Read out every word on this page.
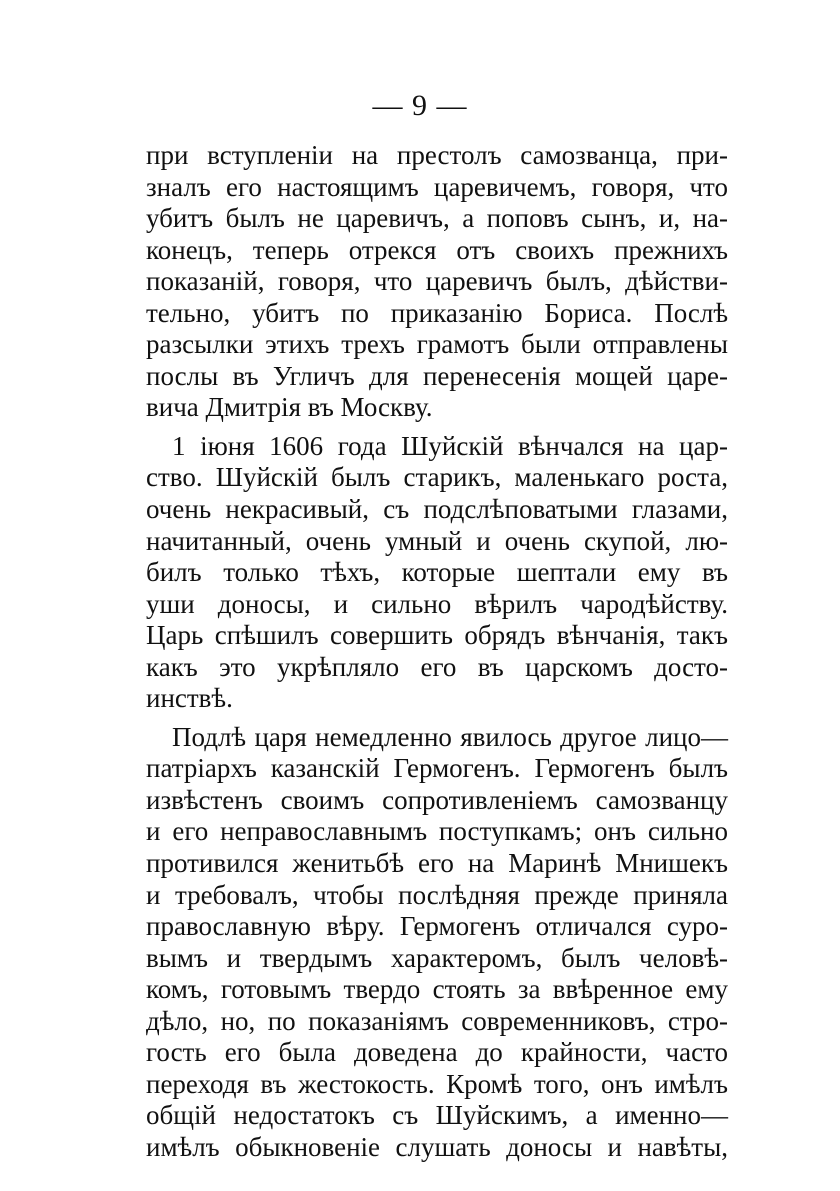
— 9 —
при вступленіи на престолъ самозванца, при-
зналъ его настоящимъ царевичемъ, говоря, что
убитъ былъ не царевичъ, а поповъ сынъ, и, на-
конецъ, теперь отрекся отъ своихъ прежнихъ
показаній, говоря, что царевичъ былъ, дѣйстви-
тельно, убитъ по приказанію Бориса. Послѣ
разсылки этихъ трехъ грамотъ были отправлены
послы въ Угличъ для перенесенія мощей царе-
вича Дмитрія въ Москву.
1 іюня 1606 года Шуйскій вѣнчался на цар-
ство. Шуйскій былъ старикъ, маленькаго роста,
очень некрасивый, съ подслѣповатыми глазами,
начитанный, очень умный и очень скупой, лю-
билъ только тѣхъ, которые шептали ему въ
уши доносы, и сильно вѣрилъ чародѣйству.
Царь спѣшилъ совершить обрядъ вѣнчанія, такъ
какъ это укрѣпляло его въ царскомъ досто-
инствѣ.
Подлѣ царя немедленно явилось другое лицо—
патріархъ казанскій Гермогенъ. Гермогенъ былъ
извѣстенъ своимъ сопротивленіемъ самозванцу
и его неправославнымъ поступкамъ; онъ сильно
противился женитьбѣ его на Маринѣ Мнишекъ
и требовалъ, чтобы послѣдняя прежде приняла
православную вѣру. Гермогенъ отличался суро-
вымъ и твердымъ характеромъ, былъ человѣ-
комъ, готовымъ твердо стоять за ввѣренное ему
дѣло, но, по показаніямъ современниковъ, стро-
гость его была доведена до крайности, часто
переходя въ жестокость. Кромѣ того, онъ имѣлъ
общій недостатокъ съ Шуйскимъ, а именно—
имѣлъ обыкновеніе слушать доносы и навѣты,
